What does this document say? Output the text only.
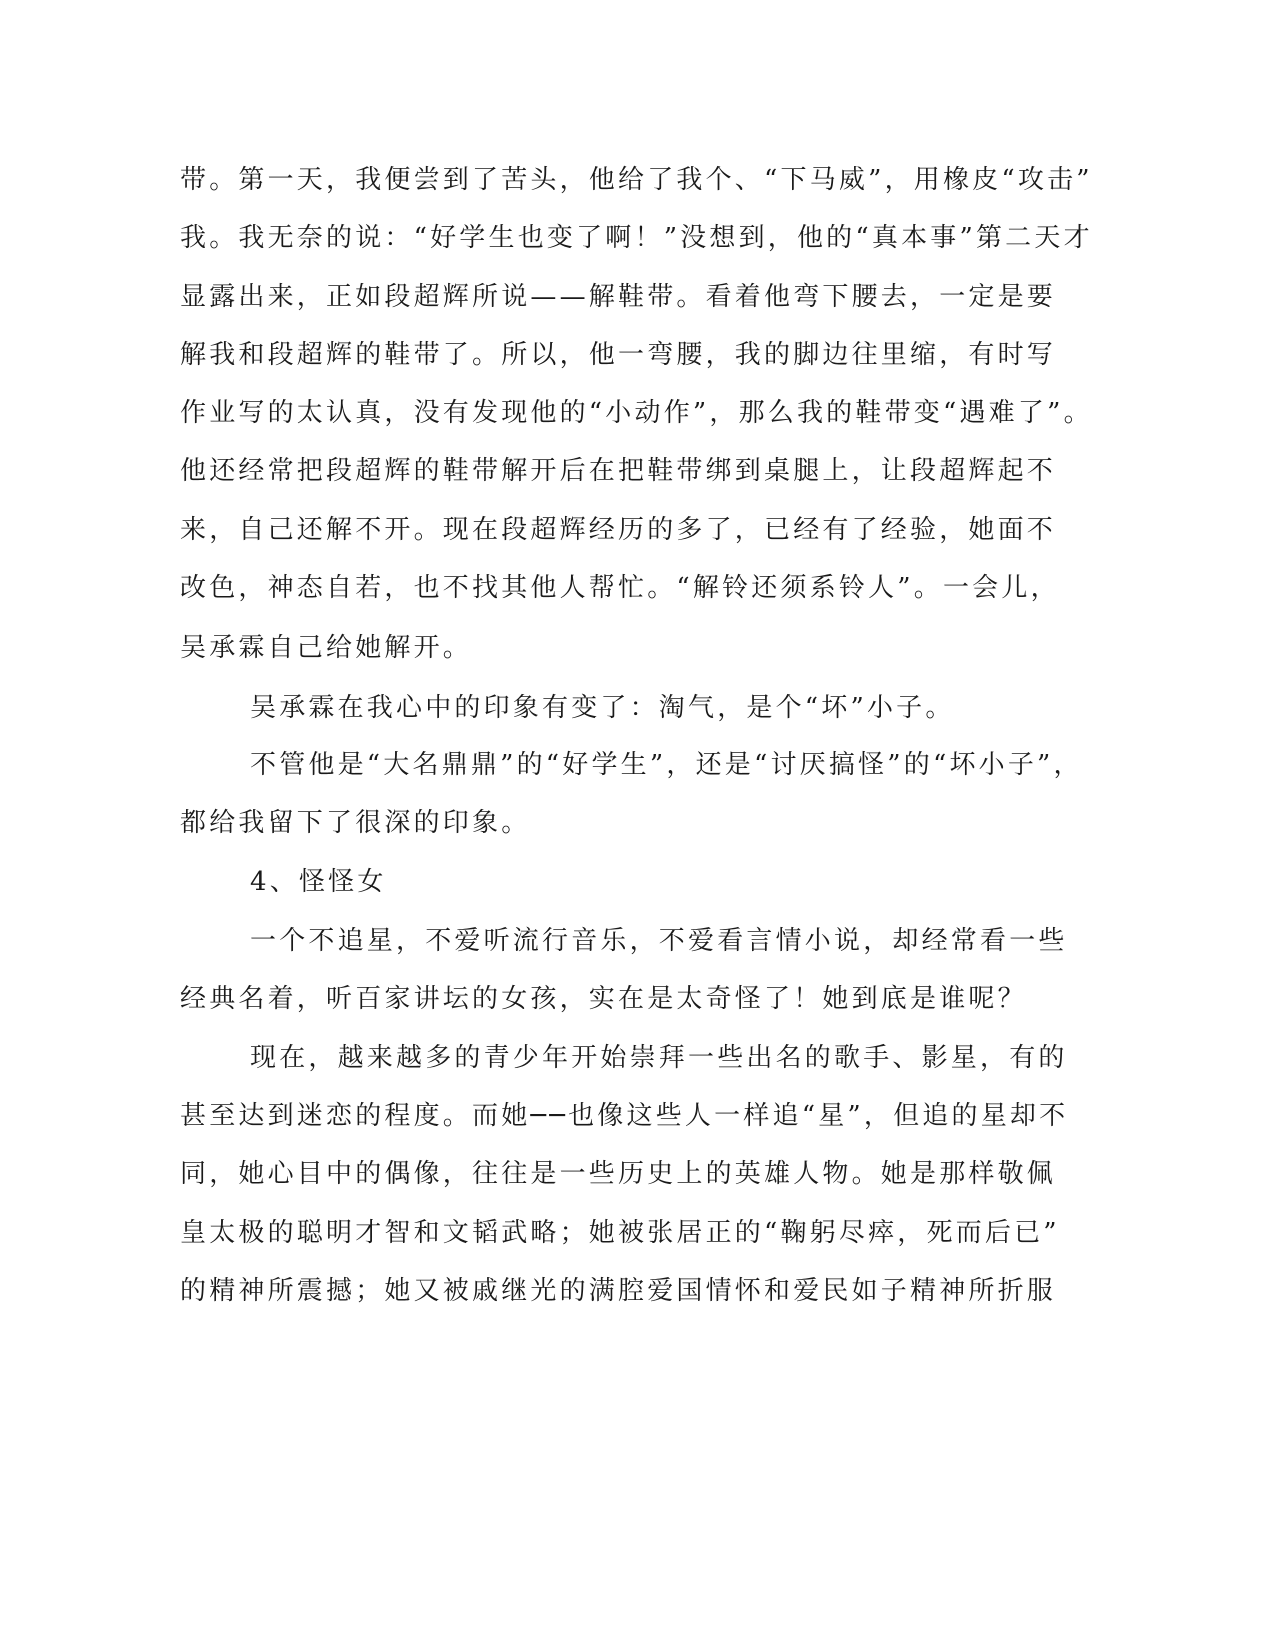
带。第一天，我便尝到了苦头，他给了我个、“下马威”，用橡皮“攻击”
我。我无奈的说：“好学生也变了啊！”没想到，他的“真本事”第二天才
显露出来，正如段超辉所说——解鞋带。看着他弯下腰去，一定是要
解我和段超辉的鞋带了。所以，他一弯腰，我的脚边往里缩，有时写
作业写的太认真，没有发现他的“小动作”，那么我的鞋带变“遇难了”。
他还经常把段超辉的鞋带解开后在把鞋带绑到桌腿上，让段超辉起不
来，自己还解不开。现在段超辉经历的多了，已经有了经验，她面不
改色，神态自若，也不找其他人帮忙。“解铃还须系铃人”。一会儿，
吴承霖自己给她解开。
吴承霖在我心中的印象有变了：淘气，是个“坏”小子。
不管他是“大名鼎鼎”的“好学生”，还是“讨厌搞怪”的“坏小子”，
都给我留下了很深的印象。
4、怪怪女
一个不追星，不爱听流行音乐，不爱看言情小说，却经常看一些
经典名着，听百家讲坛的女孩，实在是太奇怪了！她到底是谁呢？
现在，越来越多的青少年开始崇拜一些出名的歌手、影星，有的
甚至达到迷恋的程度。而她──也像这些人一样追“星”，但追的星却不
同，她心目中的偶像，往往是一些历史上的英雄人物。她是那样敬佩
皇太极的聪明才智和文韬武略；她被张居正的“鞠躬尽瘁，死而后已”
的精神所震撼；她又被戚继光的满腔爱国情怀和爱民如子精神所折服
